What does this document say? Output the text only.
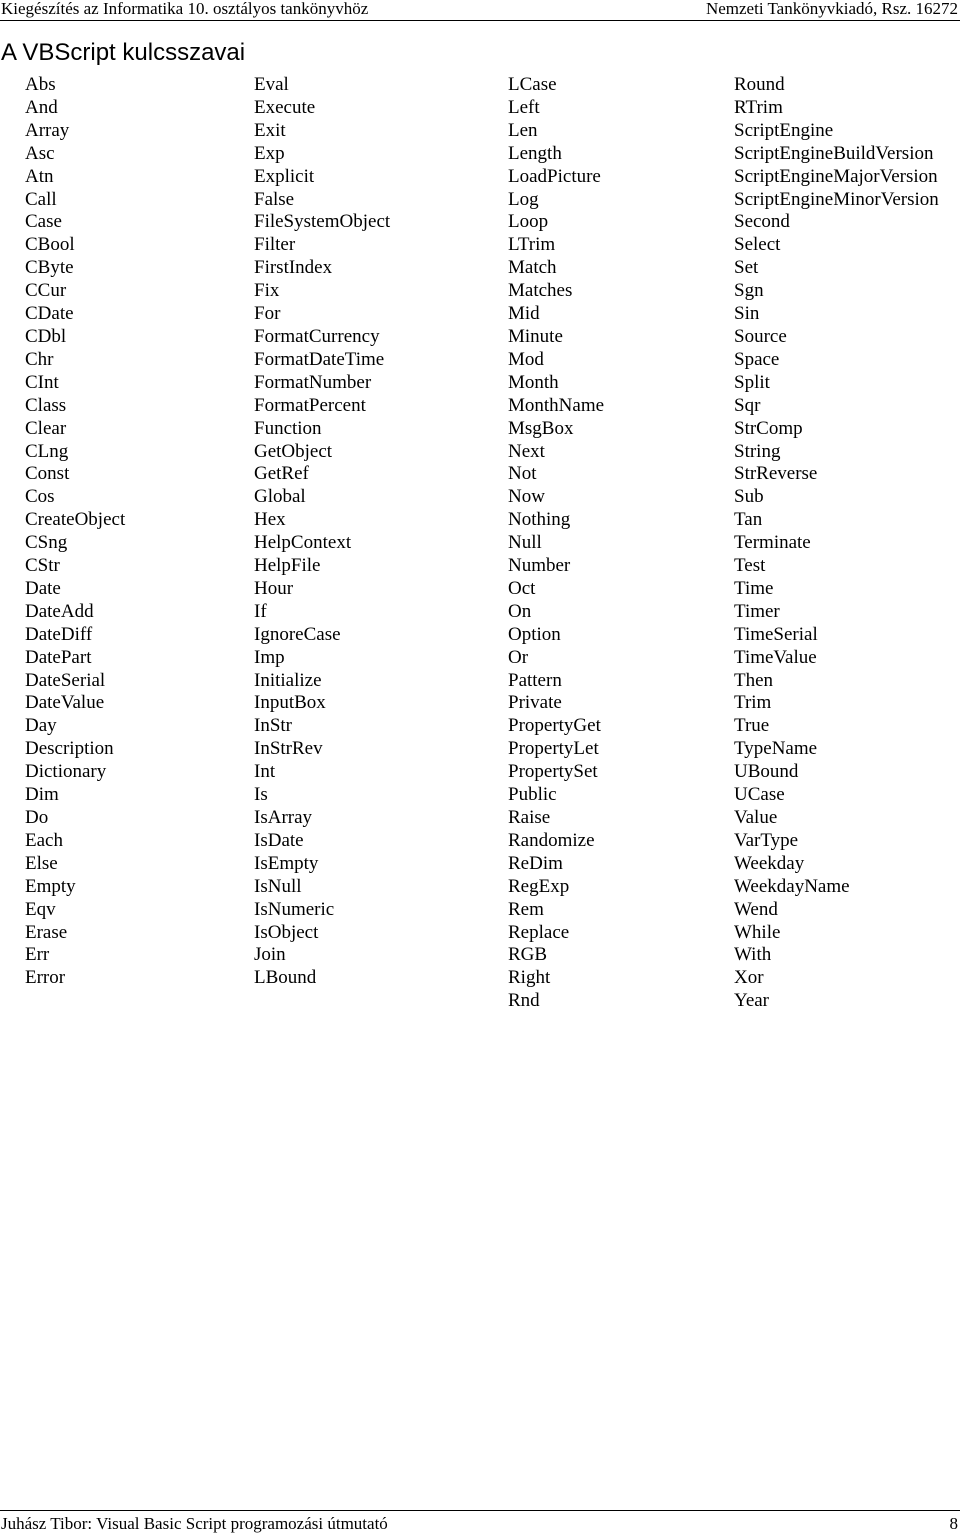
Kiegészítés az Informatika 10. osztályos tankönyvhöz	Nemzeti Tankönyvkiadó, Rsz. 16272
A VBScript kulcsszavai
Abs
And
Array
Asc
Atn
Call
Case
CBool
CByte
CCur
CDate
CDbl
Chr
CInt
Class
Clear
CLng
Const
Cos
CreateObject
CSng
CStr
Date
DateAdd
DateDiff
DatePart
DateSerial
DateValue
Day
Description
Dictionary
Dim
Do
Each
Else
Empty
Eqv
Erase
Err
Error
Eval
Execute
Exit
Exp
Explicit
False
FileSystemObject
Filter
FirstIndex
Fix
For
FormatCurrency
FormatDateTime
FormatNumber
FormatPercent
Function
GetObject
GetRef
Global
Hex
HelpContext
HelpFile
Hour
If
IgnoreCase
Imp
Initialize
InputBox
InStr
InStrRev
Int
Is
IsArray
IsDate
IsEmpty
IsNull
IsNumeric
IsObject
Join
LBound
LCase
Left
Len
Length
LoadPicture
Log
Loop
LTrim
Match
Matches
Mid
Minute
Mod
Month
MonthName
MsgBox
Next
Not
Now
Nothing
Null
Number
Oct
On
Option
Or
Pattern
Private
PropertyGet
PropertyLet
PropertySet
Public
Raise
Randomize
ReDim
RegExp
Rem
Replace
RGB
Right
Rnd
Round
RTrim
ScriptEngine
ScriptEngineBuildVersion
ScriptEngineMajorVersion
ScriptEngineMinorVersion
Second
Select
Set
Sgn
Sin
Source
Space
Split
Sqr
StrComp
String
StrReverse
Sub
Tan
Terminate
Test
Time
Timer
TimeSerial
TimeValue
Then
Trim
True
TypeName
UBound
UCase
Value
VarType
Weekday
WeekdayName
Wend
While
With
Xor
Year
Juhász Tibor: Visual Basic Script programozási útmutató	8
